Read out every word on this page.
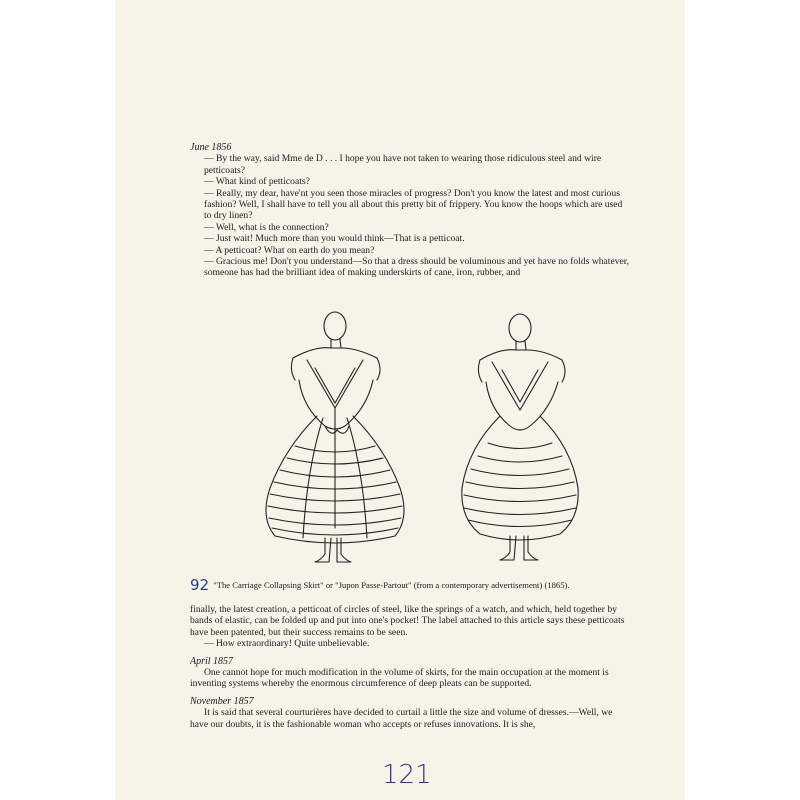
June 1856

— By the way, said Mme de D . . . I hope you have not taken to wearing those ridiculous steel and wire petticoats?

— What kind of petticoats?

— Really, my dear, have'nt you seen those miracles of progress? Don't you know the latest and most curious fashion? Well, I shall have to tell you all about this pretty bit of frippery. You know the hoops which are used to dry linen?

— Well, what is the connection?

— Just wait! Much more than you would think—That is a petticoat.

— A petticoat? What on earth do you mean?

— Gracious me! Don't you understand—So that a dress should be voluminous and yet have no folds whatever, someone has had the brilliant idea of making underskirts of cane, iron, rubber, and

92 "The Carriage Collapsing Skirt" or "Jupon Passe-Partout" (from a contemporary advertisement) (1865).

finally, the latest creation, a petticoat of circles of steel, like the springs of a watch, and which, held together by bands of elastic, can be folded up and put into one's pocket! The label attached to this article says these petticoats have been patented, but their success remains to be seen.

— How extraordinary! Quite unbelievable.

April 1857

One cannot hope for much modification in the volume of skirts, for the main occupation at the moment is inventing systems whereby the enormous circumference of deep pleats can be supported.

November 1857

It is said that several courturières have decided to curtail a little the size and volume of dresses.—Well, we have our doubts, it is the fashionable woman who accepts or refuses innovations. It is she,

121
